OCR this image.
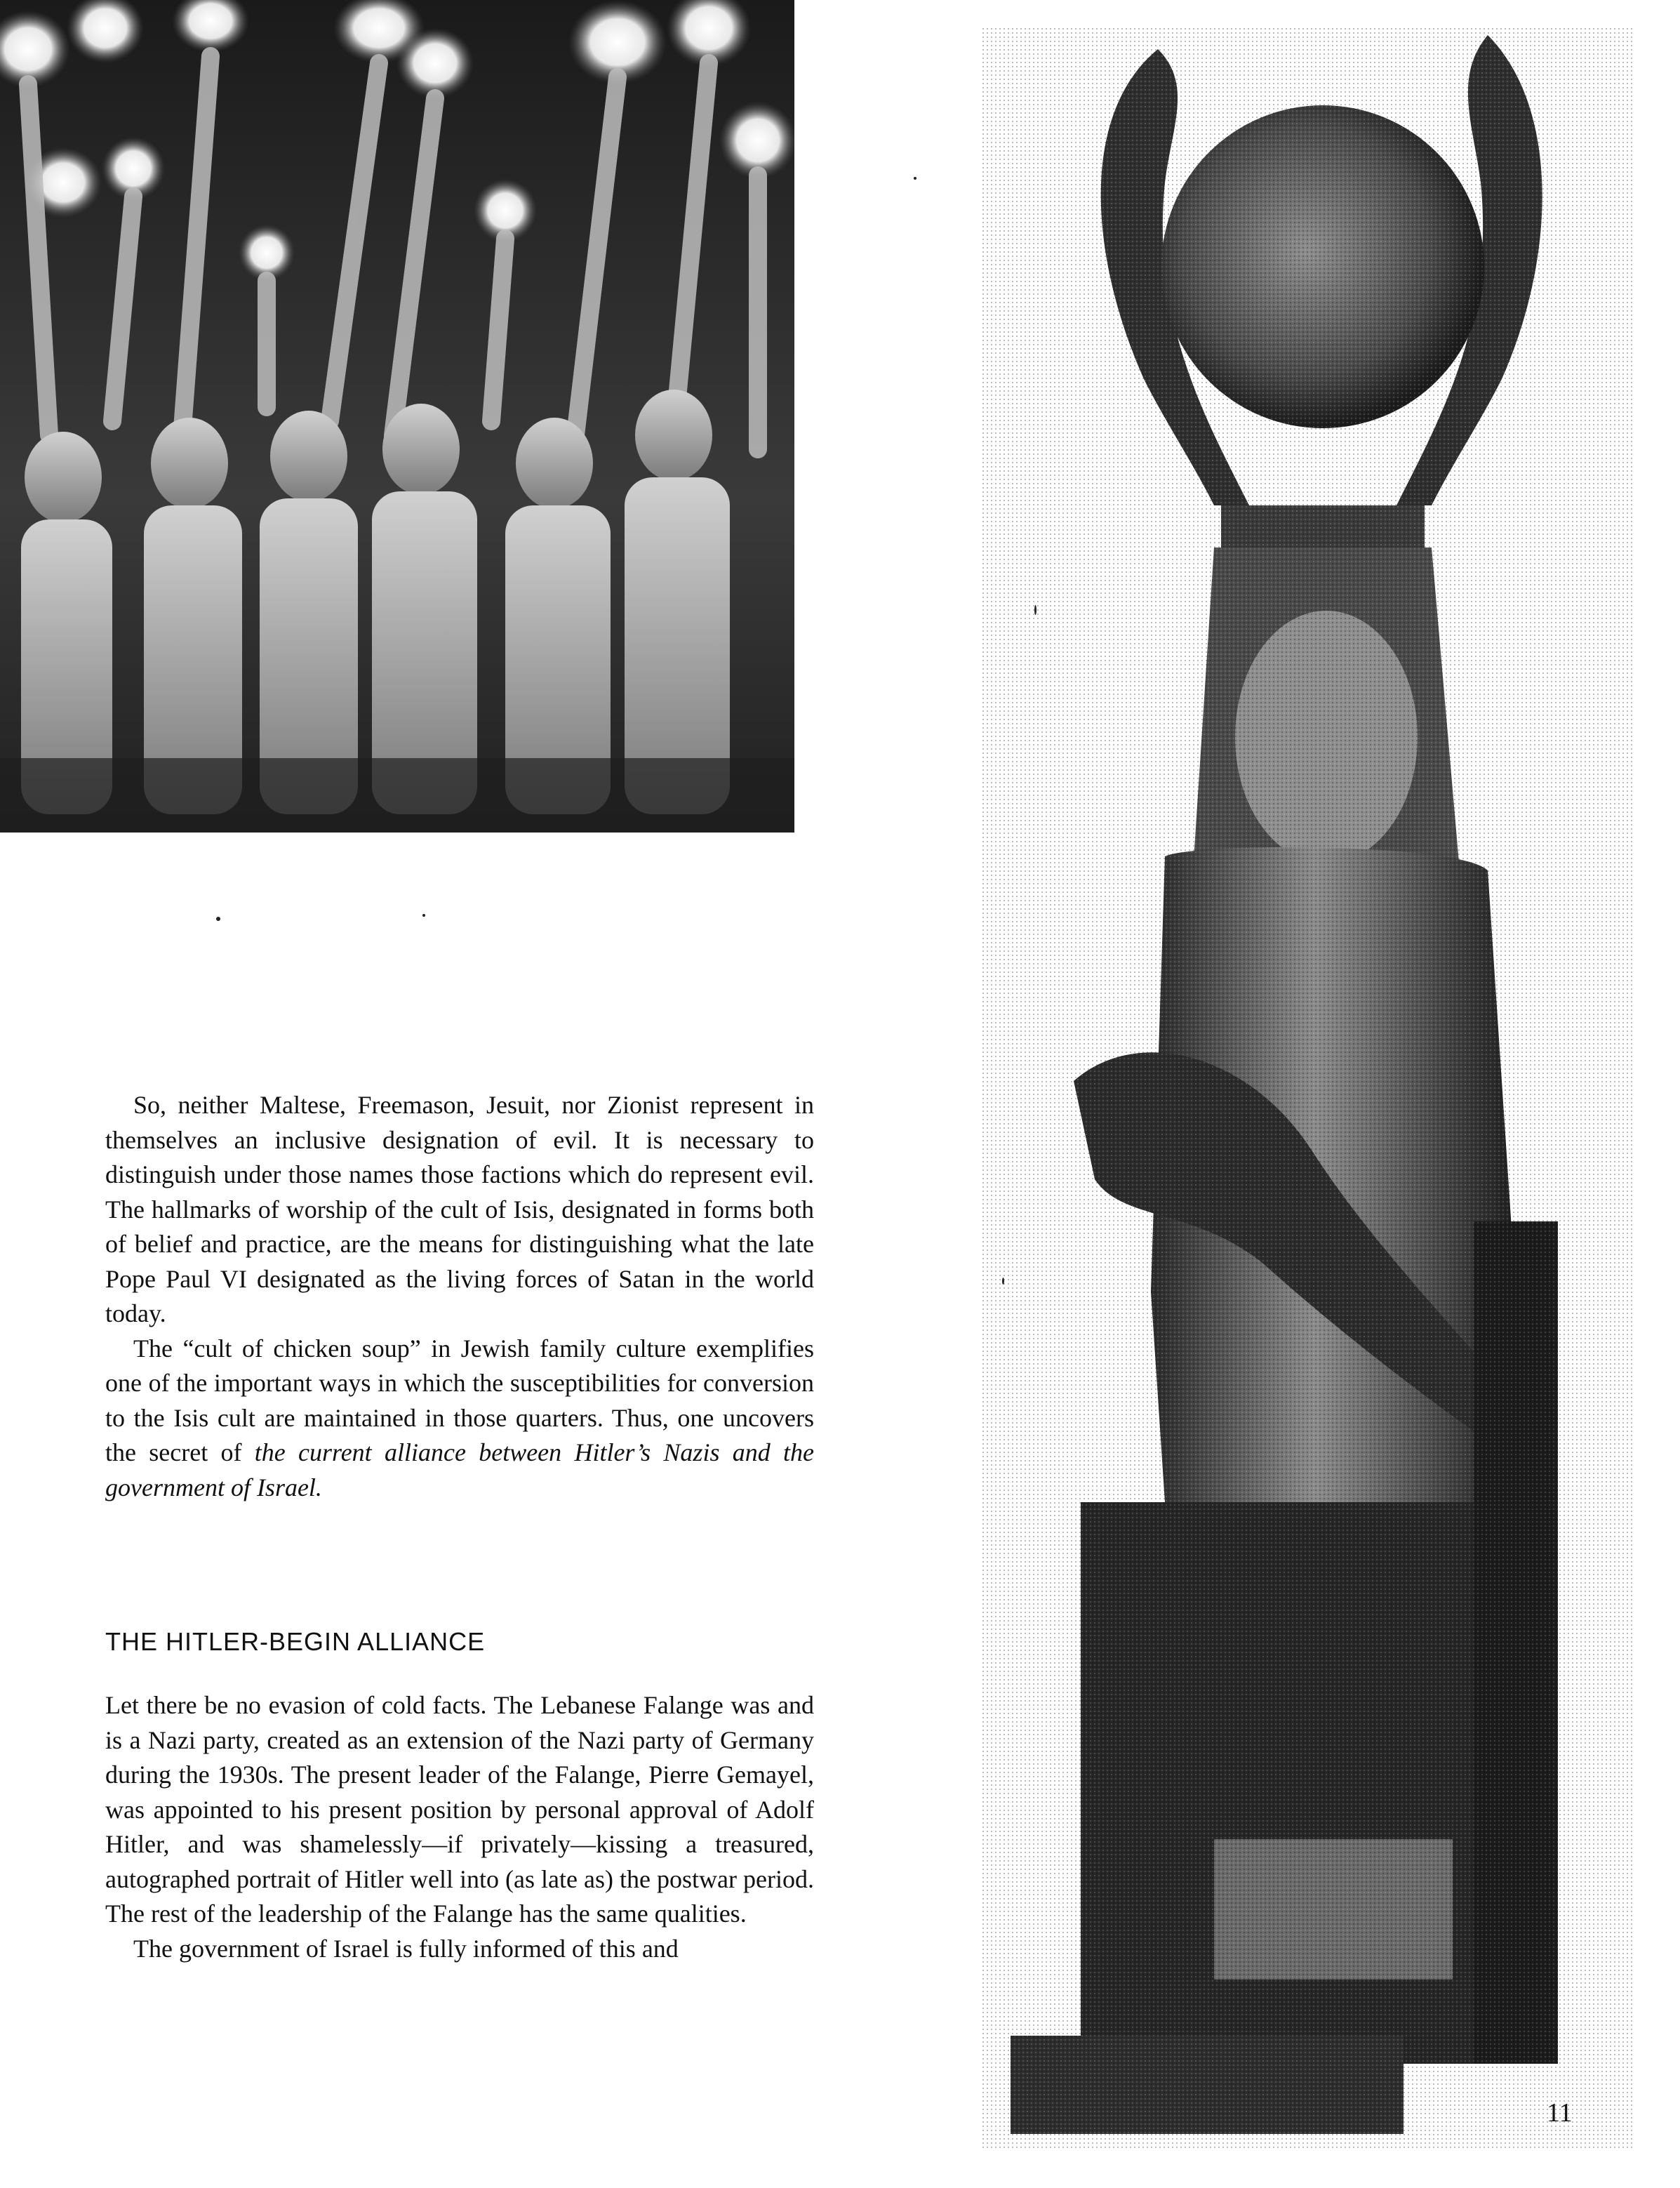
So, neither Maltese, Freemason, Jesuit, nor Zionist represent in themselves an inclusive designation of evil. It is necessary to distinguish under those names those factions which do represent evil. The hallmarks of worship of the cult of Isis, designated in forms both of belief and practice, are the means for distinguishing what the late Pope Paul VI designated as the living forces of Satan in the world today.

The “cult of chicken soup” in Jewish family culture exemplifies one of the important ways in which the susceptibilities for conversion to the Isis cult are maintained in those quarters. Thus, one uncovers the secret of the current alliance between Hitler’s Nazis and the government of Israel.

THE HITLER-BEGIN ALLIANCE

Let there be no evasion of cold facts. The Lebanese Falange was and is a Nazi party, created as an extension of the Nazi party of Germany during the 1930s. The present leader of the Falange, Pierre Gemayel, was appointed to his present position by personal approval of Adolf Hitler, and was shamelessly—if privately—kissing a treasured, autographed portrait of Hitler well into (as late as) the postwar period. The rest of the leadership of the Falange has the same qualities.

The government of Israel is fully informed of this and

11
